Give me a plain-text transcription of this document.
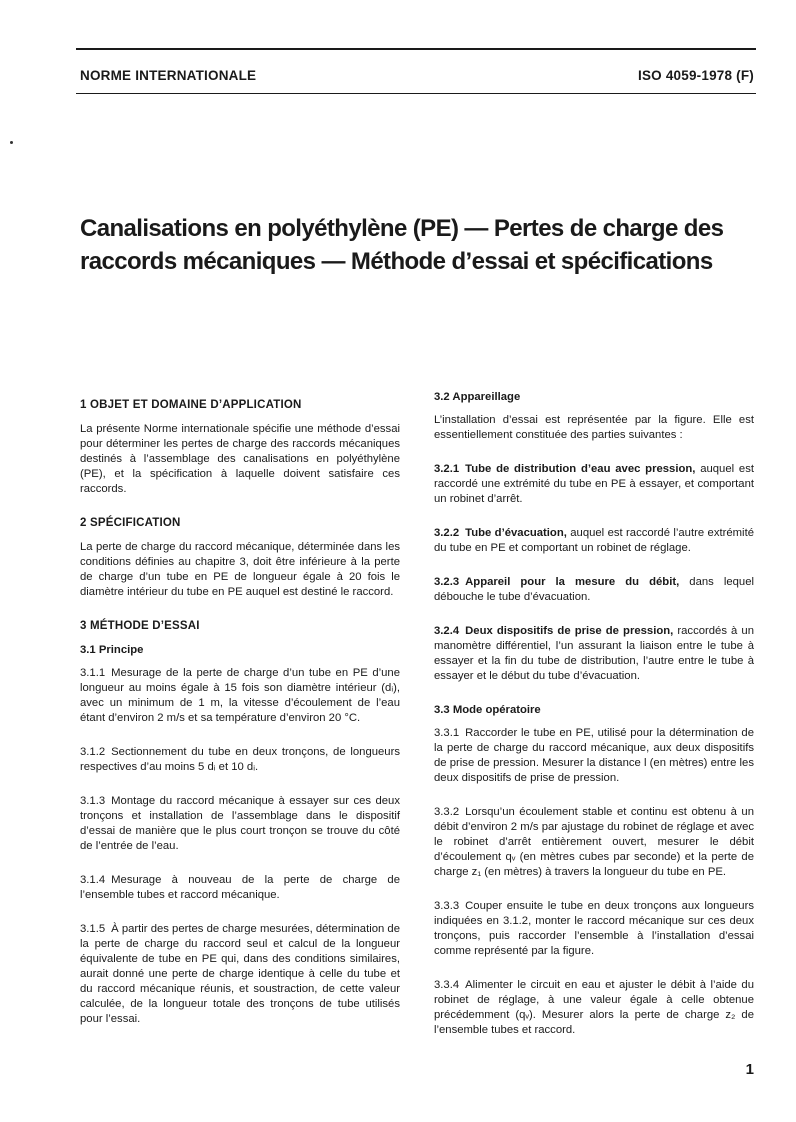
NORME INTERNATIONALE	ISO 4059-1978 (F)
Canalisations en polyéthylène (PE) — Pertes de charge des
raccords mécaniques — Méthode d’essai et spécifications
1 OBJET ET DOMAINE D’APPLICATION

La présente Norme internationale spécifie une méthode d’essai pour déterminer les pertes de charge des raccords mécaniques destinés à l’assemblage des canalisations en polyéthylène (PE), et la spécification à laquelle doivent satisfaire ces raccords.

2 SPÉCIFICATION

La perte de charge du raccord mécanique, déterminée dans les conditions définies au chapitre 3, doit être inférieure à la perte de charge d’un tube en PE de longueur égale à 20 fois le diamètre intérieur du tube en PE auquel est destiné le raccord.

3 MÉTHODE D’ESSAI
3.1 Principe

3.1.1 Mesurage de la perte de charge d’un tube en PE d’une longueur au moins égale à 15 fois son diamètre intérieur (dᵢ), avec un minimum de 1 m, la vitesse d’écoulement de l’eau étant d’environ 2 m/s et sa température d’environ 20 °C.

3.1.2 Sectionnement du tube en deux tronçons, de longueurs respectives d’au moins 5 dᵢ et 10 dᵢ.

3.1.3 Montage du raccord mécanique à essayer sur ces deux tronçons et installation de l’assemblage dans le dispositif d’essai de manière que le plus court tronçon se trouve du côté de l’entrée de l’eau.

3.1.4 Mesurage à nouveau de la perte de charge de l’ensemble tubes et raccord mécanique.

3.1.5 À partir des pertes de charge mesurées, détermination de la perte de charge du raccord seul et calcul de la longueur équivalente de tube en PE qui, dans des conditions similaires, aurait donné une perte de charge identique à celle du tube et du raccord mécanique réunis, et soustraction, de cette valeur calculée, de la longueur totale des tronçons de tube utilisés pour l’essai.

3.2 Appareillage

L’installation d’essai est représentée par la figure. Elle est essentiellement constituée des parties suivantes :

3.2.1 Tube de distribution d’eau avec pression, auquel est raccordé une extrémité du tube en PE à essayer, et comportant un robinet d’arrêt.

3.2.2 Tube d’évacuation, auquel est raccordé l’autre extrémité du tube en PE et comportant un robinet de réglage.

3.2.3 Appareil pour la mesure du débit, dans lequel débouche le tube d’évacuation.

3.2.4 Deux dispositifs de prise de pression, raccordés à un manomètre différentiel, l’un assurant la liaison entre le tube à essayer et la fin du tube de distribution, l’autre entre le tube à essayer et le début du tube d’évacuation.

3.3 Mode opératoire

3.3.1 Raccorder le tube en PE, utilisé pour la détermination de la perte de charge du raccord mécanique, aux deux dispositifs de prise de pression. Mesurer la distance l (en mètres) entre les deux dispositifs de prise de pression.

3.3.2 Lorsqu’un écoulement stable et continu est obtenu à un débit d’environ 2 m/s par ajustage du robinet de réglage et avec le robinet d’arrêt entièrement ouvert, mesurer le débit d’écoulement qᵥ (en mètres cubes par seconde) et la perte de charge z₁ (en mètres) à travers la longueur du tube en PE.

3.3.3 Couper ensuite le tube en deux tronçons aux longueurs indiquées en 3.1.2, monter le raccord mécanique sur ces deux tronçons, puis raccorder l’ensemble à l’installation d’essai comme représenté par la figure.

3.3.4 Alimenter le circuit en eau et ajuster le débit à l’aide du robinet de réglage, à une valeur égale à celle obtenue précédemment (qᵥ). Mesurer alors la perte de charge z₂ de l’ensemble tubes et raccord.

1
